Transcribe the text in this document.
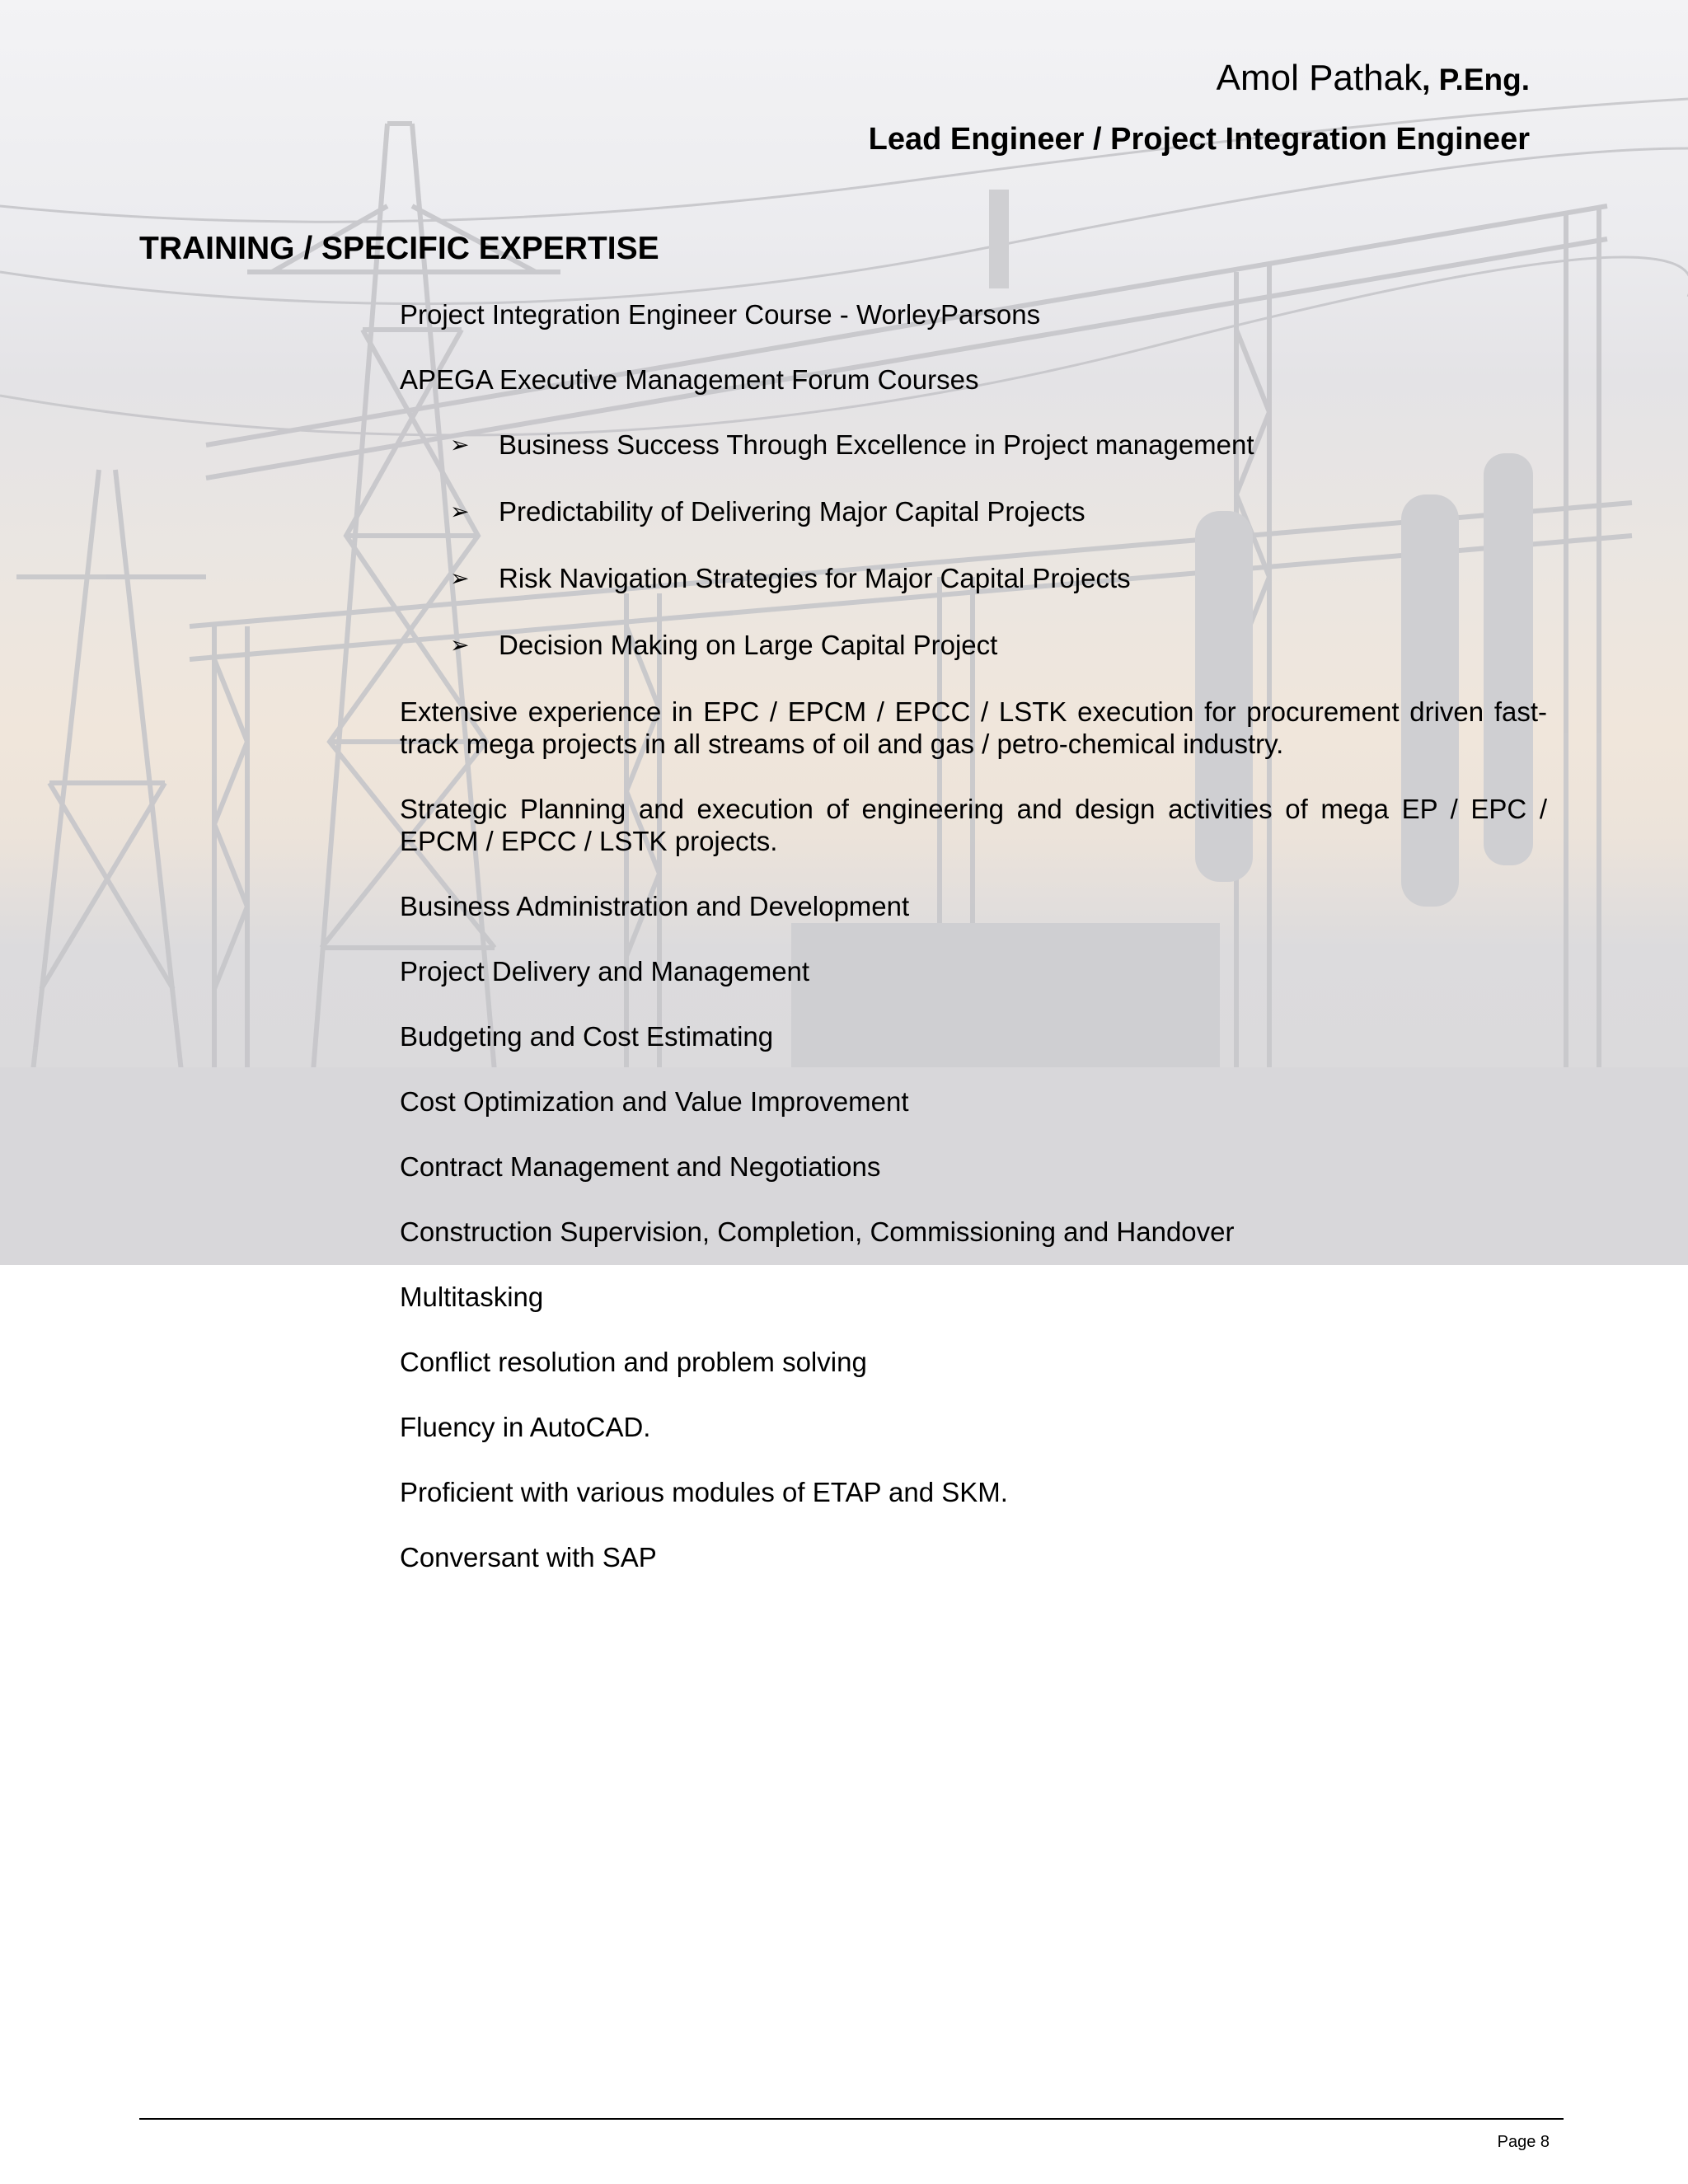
Amol Pathak, P.Eng.
Lead Engineer / Project Integration Engineer
TRAINING / SPECIFIC EXPERTISE

Project Integration Engineer Course - WorleyParsons

APEGA Executive Management Forum Courses

➢ Business Success Through Excellence in Project management
➢ Predictability of Delivering Major Capital Projects
➢ Risk Navigation Strategies for Major Capital Projects
➢ Decision Making on Large Capital Project

Extensive experience in EPC / EPCM / EPCC / LSTK execution for procurement driven fast-track mega projects in all streams of oil and gas / petro-chemical industry.

Strategic Planning and execution of engineering and design activities of mega EP / EPC / EPCM / EPCC / LSTK projects.

Business Administration and Development

Project Delivery and Management

Budgeting and Cost Estimating

Cost Optimization and Value Improvement

Contract Management and Negotiations

Construction Supervision, Completion, Commissioning and Handover

Multitasking

Conflict resolution and problem solving

Fluency in AutoCAD.

Proficient with various modules of ETAP and SKM.

Conversant with SAP

Page 8
